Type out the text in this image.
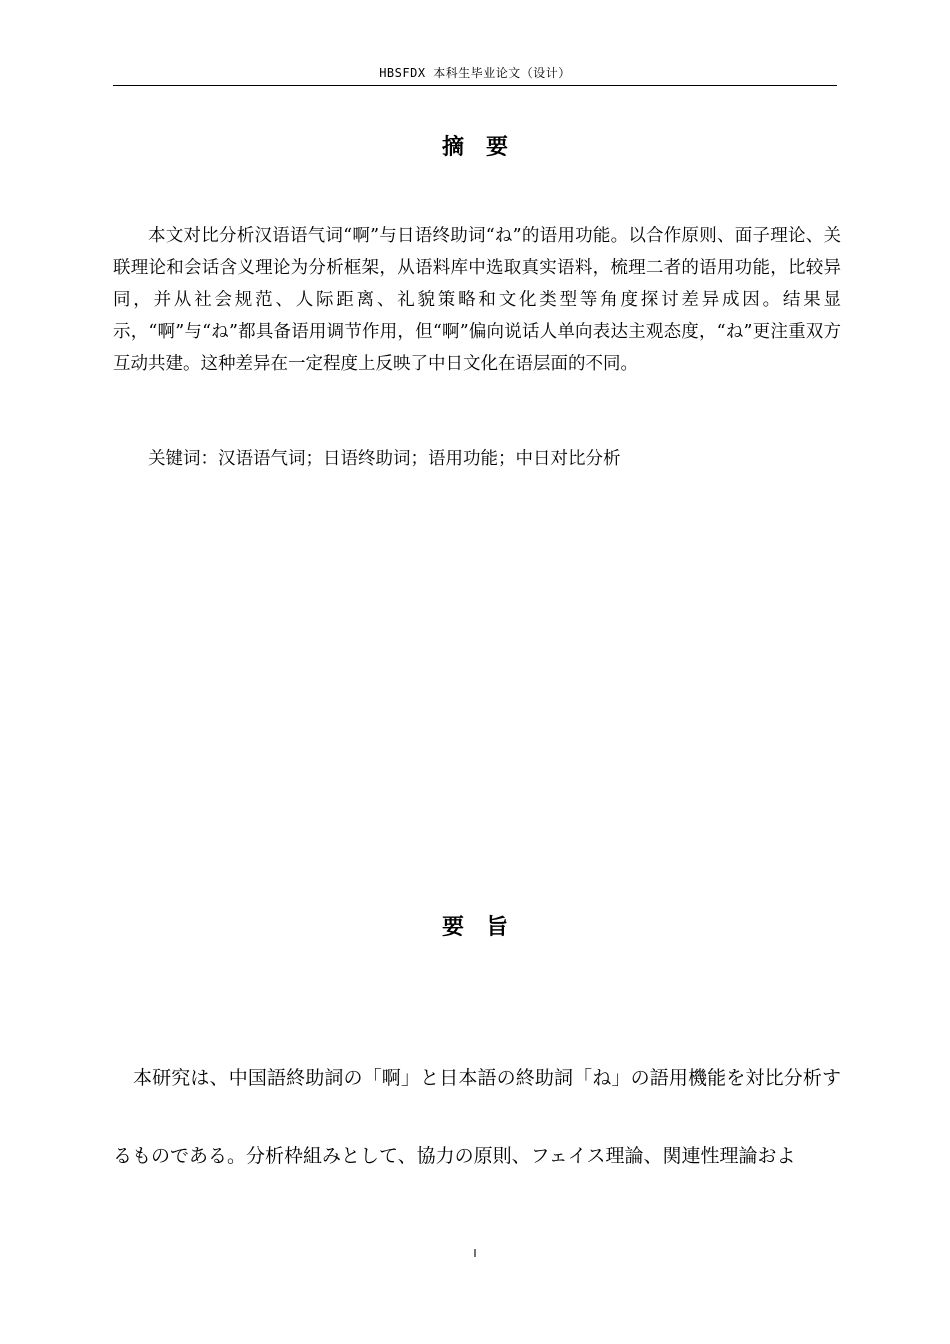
HBSFDX 本科生毕业论文（设计）
摘要

本文对比分析汉语语气词“啊”与日语终助词“ね”的语用功能。以合作原则、面子理论、关联理论和会话含义理论为分析框架，从语料库中选取真实语料，梳理二者的语用功能，比较异同，并从社会规范、人际距离、礼貌策略和文化类型等角度探讨差异成因。结果显示，“啊”与“ね”都具备语用调节作用，但“啊”偏向说话人单向表达主观态度，“ね”更注重双方互动共建。这种差异在一定程度上反映了中日文化在语层面的不同。

关键词：汉语语气词；日语终助词；语用功能；中日对比分析

要旨

本研究は、中国語終助詞の「啊」と日本語の終助詞「ね」の語用機能を対比分析するものである。分析枠組みとして、協力の原則、フェイス理論、関連性理論およ

I
